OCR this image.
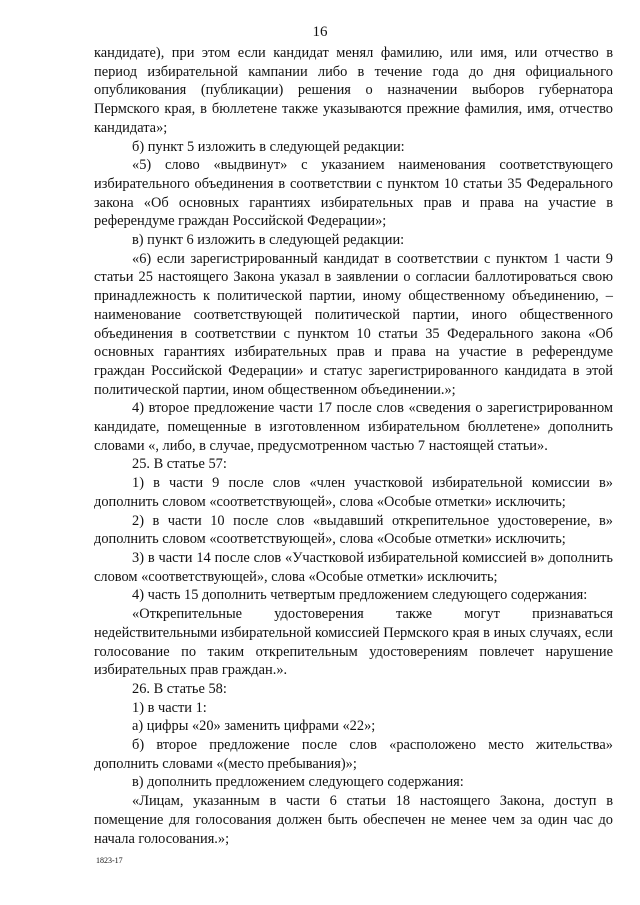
16

кандидате), при этом если кандидат менял фамилию, или имя, или отчество в период избирательной кампании либо в течение года до дня официального опубликования (публикации) решения о назначении выборов губернатора Пермского края, в бюллетене также указываются прежние фамилия, имя, отчество кандидата»;

б) пункт 5 изложить в следующей редакции:

«5) слово «выдвинут» с указанием наименования соответствующего избирательного объединения в соответствии с пунктом 10 статьи 35 Федерального закона «Об основных гарантиях избирательных прав и права на участие в референдуме граждан Российской Федерации»;

в) пункт 6 изложить в следующей редакции:

«6) если зарегистрированный кандидат в соответствии с пунктом 1 части 9 статьи 25 настоящего Закона указал в заявлении о согласии баллотироваться свою принадлежность к политической партии, иному общественному объединению, – наименование соответствующей политической партии, иного общественного объединения в соответствии с пунктом 10 статьи 35 Федерального закона «Об основных гарантиях избирательных прав и права на участие в референдуме граждан Российской Федерации» и статус зарегистрированного кандидата в этой политической партии, ином общественном объединении.»;

4) второе предложение части 17 после слов «сведения о зарегистрированном кандидате, помещенные в изготовленном избирательном бюллетене» дополнить словами «, либо, в случае, предусмотренном частью 7 настоящей статьи».

25. В статье 57:

1) в части 9 после слов «член участковой избирательной комиссии в» дополнить словом «соответствующей», слова «Особые отметки» исключить;

2) в части 10 после слов «выдавший открепительное удостоверение, в» дополнить словом «соответствующей», слова «Особые отметки» исключить;

3) в части 14 после слов «Участковой избирательной комиссией в» дополнить словом «соответствующей», слова «Особые отметки» исключить;

4) часть 15 дополнить четвертым предложением следующего содержания:

«Открепительные удостоверения также могут признаваться недействительными избирательной комиссией Пермского края в иных случаях, если голосование по таким открепительным удостоверениям повлечет нарушение избирательных прав граждан.».

26. В статье 58:

1) в части 1:

а) цифры «20» заменить цифрами «22»;

б) второе предложение после слов «расположено место жительства» дополнить словами «(место пребывания)»;

в) дополнить предложением следующего содержания:

«Лицам, указанным в части 6 статьи 18 настоящего Закона, доступ в помещение для голосования должен быть обеспечен не менее чем за один час до начала голосования.»;

1823-17
